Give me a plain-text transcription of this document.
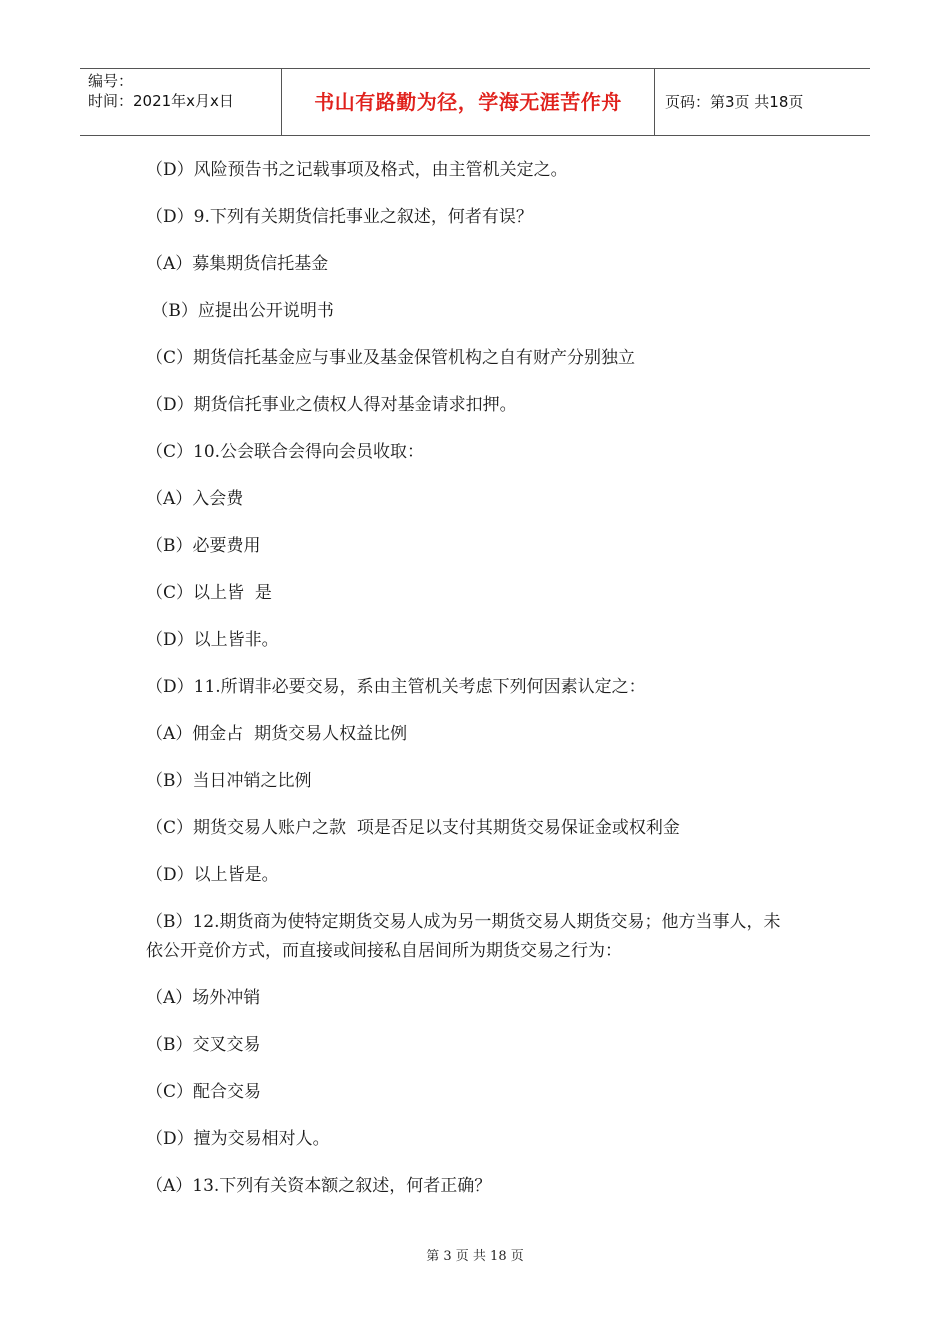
编号：
时间：2021年x月x日	书山有路勤为径，学海无涯苦作舟	页码：第3页 共18页
（D）风险预告书之记载事项及格式，由主管机关定之。
（D）9.下列有关期货信托事业之叙述，何者有误？
（A）募集期货信托基金
（B）应提出公开说明书
（C）期货信托基金应与事业及基金保管机构之自有财产分别独立
（D）期货信托事业之债权人得对基金请求扣押。
（C）10.公会联合会得向会员收取：
（A）入会费
（B）必要费用
（C）以上皆  是
（D）以上皆非。
（D）11.所谓非必要交易，系由主管机关考虑下列何因素认定之：
（A）佣金占  期货交易人权益比例
（B）当日冲销之比例
（C）期货交易人账户之款  项是否足以支付其期货交易保证金或权利金
（D）以上皆是。
（B）12.期货商为使特定期货交易人成为另一期货交易人期货交易；他方当事人，未依公开竞价方式，而直接或间接私自居间所为期货交易之行为：
（A）场外冲销
（B）交叉交易
（C）配合交易
（D）擅为交易相对人。
（A）13.下列有关资本额之叙述，何者正确？
第 3 页 共 18 页
